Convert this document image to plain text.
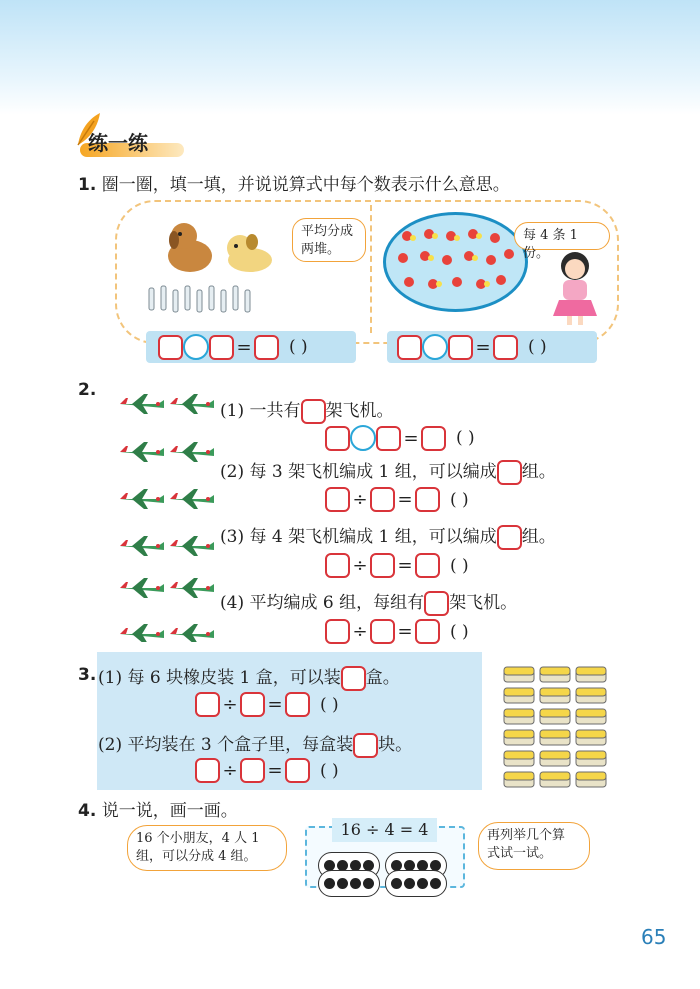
练一练
1. 圈一圈，填一填，并说说算式中每个数表示什么意思。
平均分成
两堆。
每 4 条 1 份。
= ( )	= ( )
2.
(1) 一共有 架飞机。
= ( )
(2) 每 3 架飞机编成 1 组，可以编成 组。
÷ = ( )
(3) 每 4 架飞机编成 1 组，可以编成 组。
÷ = ( )
(4) 平均编成 6 组，每组有 架飞机。
÷ = ( )
3. (1) 每 6 块橡皮装 1 盒，可以装 盒。
÷ = ( )
(2) 平均装在 3 个盒子里，每盒装 块。
÷ = ( )
4. 说一说，画一画。
16 个小朋友，4 人 1
组，可以分成 4 组。
16 ÷ 4 = 4

	再列举几个算
式试一试。
65
